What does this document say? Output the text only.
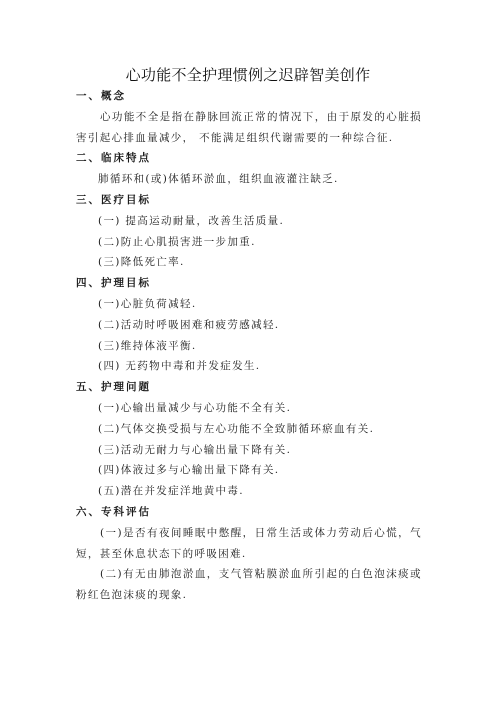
心功能不全护理惯例之迟辟智美创作
一、概念
心功能不全是指在静脉回流正常的情况下，由于原发的心脏损害引起心排血量减少， 不能满足组织代谢需要的一种综合征.
二、临床特点
肺循环和(或)体循环淤血，组织血液灌注缺乏.
三、医疗目标
(一) 提高运动耐量，改善生活质量.
(二)防止心肌损害进一步加重.
(三)降低死亡率.
四、护理目标
(一)心脏负荷减轻.
(二)活动时呼吸困难和疲劳感减轻.
(三)维持体液平衡.
(四) 无药物中毒和并发症发生.
五、护理问题
(一)心输出量减少与心功能不全有关.
(二)气体交换受损与左心功能不全致肺循环瘀血有关.
(三)活动无耐力与心输出量下降有关.
(四)体液过多与心输出量下降有关.
(五)潜在并发症洋地黄中毒.
六、专科评估
(一)是否有夜间睡眠中憋醒，日常生活或体力劳动后心慌，气短，甚至休息状态下的呼吸困难.
(二)有无由肺泡淤血，支气管粘膜淤血所引起的白色泡沫痰或粉红色泡沫痰的现象.
